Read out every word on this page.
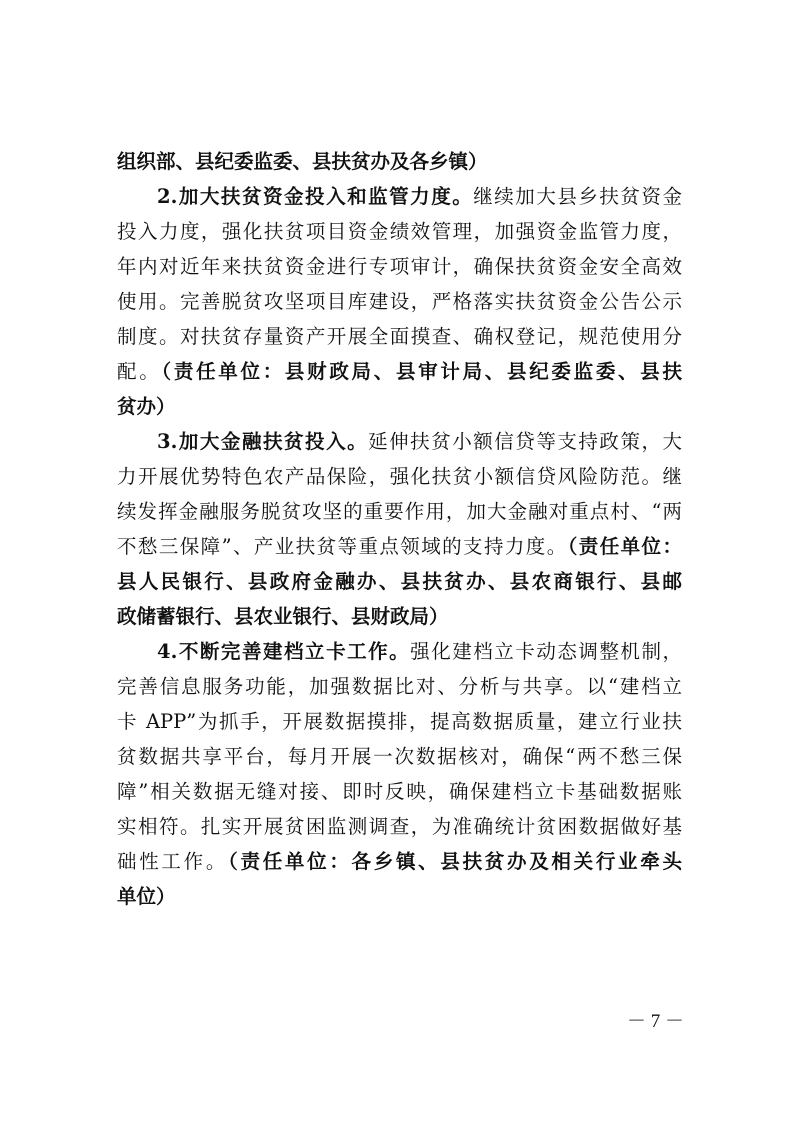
组织部、县纪委监委、县扶贫办及各乡镇）
2.加大扶贫资金投入和监管力度。继续加大县乡扶贫资金
投入力度，强化扶贫项目资金绩效管理，加强资金监管力度，
年内对近年来扶贫资金进行专项审计，确保扶贫资金安全高效
使用。完善脱贫攻坚项目库建设，严格落实扶贫资金公告公示
制度。对扶贫存量资产开展全面摸查、确权登记，规范使用分
配。（责任单位：县财政局、县审计局、县纪委监委、县扶
贫办）
3.加大金融扶贫投入。延伸扶贫小额信贷等支持政策，大
力开展优势特色农产品保险，强化扶贫小额信贷风险防范。继
续发挥金融服务脱贫攻坚的重要作用，加大金融对重点村、“两
不愁三保障”、产业扶贫等重点领域的支持力度。（责任单位：
县人民银行、县政府金融办、县扶贫办、县农商银行、县邮
政储蓄银行、县农业银行、县财政局）
4.不断完善建档立卡工作。强化建档立卡动态调整机制，
完善信息服务功能，加强数据比对、分析与共享。以“建档立
卡 APP”为抓手，开展数据摸排，提高数据质量，建立行业扶
贫数据共享平台，每月开展一次数据核对，确保“两不愁三保
障”相关数据无缝对接、即时反映，确保建档立卡基础数据账
实相符。扎实开展贫困监测调查，为准确统计贫困数据做好基
础性工作。（责任单位：各乡镇、县扶贫办及相关行业牵头
单位）
－ 7 －
